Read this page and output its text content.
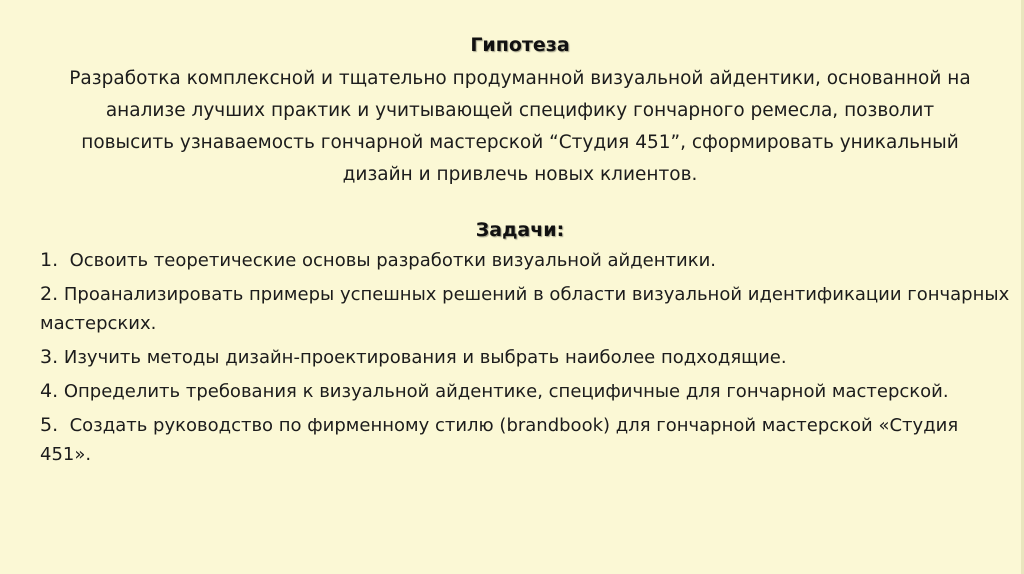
Гипотеза
Разработка комплексной и тщательно продуманной визуальной айдентики, основанной на анализе лучших практик и учитывающей специфику гончарного ремесла, позволит повысить узнаваемость гончарной мастерской “Студия 451”, сформировать уникальный дизайн и привлечь новых клиентов.
Задачи:
1. Освоить теоретические основы разработки визуальной айдентики.
2. Проанализировать примеры успешных решений в области визуальной идентификации гончарных мастерских.
3. Изучить методы дизайн-проектирования и выбрать наиболее подходящие.
4. Определить требования к визуальной айдентике, специфичные для гончарной мастерской.
5. Создать руководство по фирменному стилю (brandbook) для гончарной мастерской «Студия 451».
